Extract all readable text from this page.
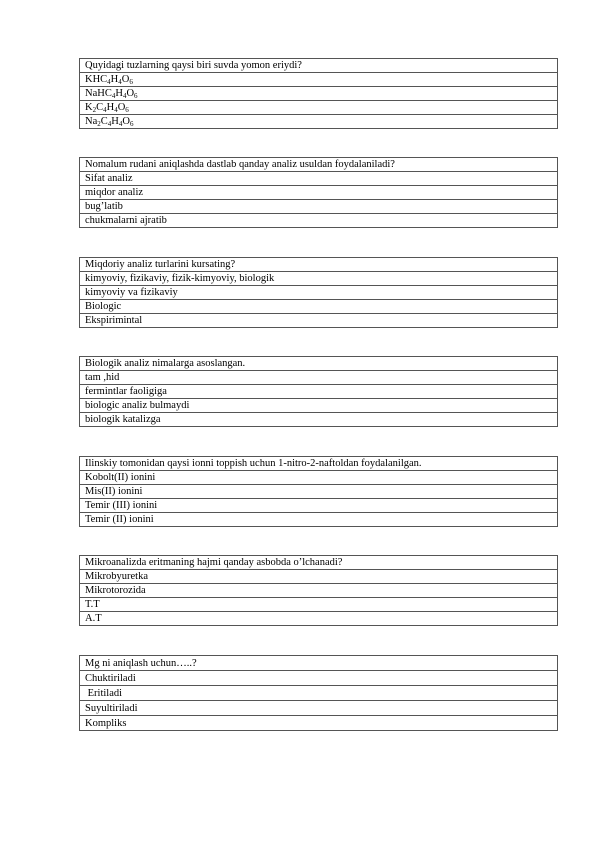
Quyidagi tuzlarning qaysi biri suvda yomon eriydi?
$KHC_4H_4O_6$
$NaHC_4H_4O_6$
$K_2C_4H_4O_6$
$Na_2C_4H_4O_6$
Nomalum rudani aniqlashda dastlab qanday analiz usuldan foydalaniladi?
Sifat analiz
miqdor analiz
bug’latib
chukmalarni ajratib
Miqdoriy analiz turlarini kursating?
kimyoviy, fizikaviy, fizik-kimyoviy, biologik
kimyoviy va fizikaviy
Biologic
Ekspirimintal
Biologik analiz nimalarga asoslangan.
tam ,hid
fermintlar faoligiga
biologic analiz bulmaydi
biologik katalizga
Ilinskiy tomonidan qaysi ionni toppish uchun 1-nitro-2-naftoldan foydalanilgan.
Kobolt(II) ionini
Mis(II) ionini
Temir (III) ionini
Temir (II) ionini
Mikroanalizda eritmaning hajmi qanday asbobda o’lchanadi?
Mikrobyuretka
Mikrotorozida
T.T
A.T
Mg ni aniqlash uchun…..?
Chuktiriladi
Eritiladi
Suyultiriladi
Kompliks
